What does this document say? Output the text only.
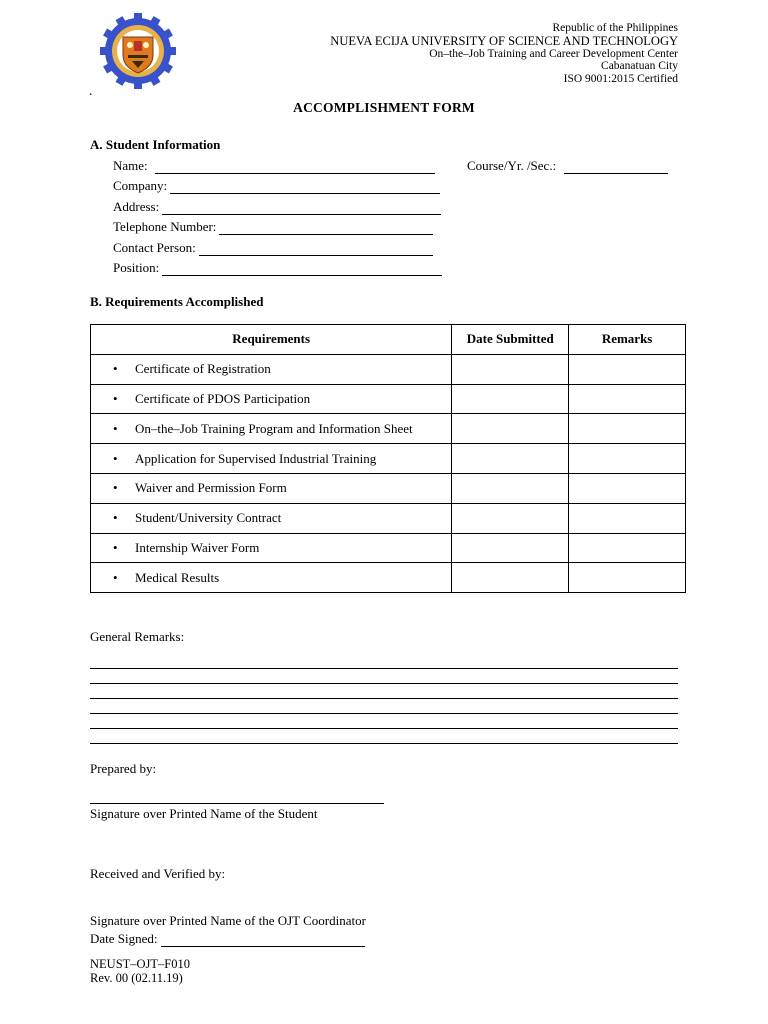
Republic of the Philippines
NUEVA ECIJA UNIVERSITY OF SCIENCE AND TECHNOLOGY
On–the–Job Training and Career Development Center
Cabanatuan City
ISO 9001:2015 Certified
.
ACCOMPLISHMENT FORM
A. Student Information
Name:
Company:
Address:
Telephone Number:
Contact Person:
Position:
Course/Yr. /Sec.:
B. Requirements Accomplished
Requirements	Date Submitted	Remarks
• Certificate of Registration		
• Certificate of PDOS Participation		
• On–the–Job Training Program and Information Sheet		
• Application for Supervised Industrial Training		
• Waiver and Permission Form		
• Student/University Contract		
• Internship Waiver Form		
• Medical Results		
General Remarks:
Prepared by:
Signature over Printed Name of the Student
Received and Verified by:
Signature over Printed Name of the OJT Coordinator
Date Signed:
NEUST–OJT–F010
Rev. 00 (02.11.19)
